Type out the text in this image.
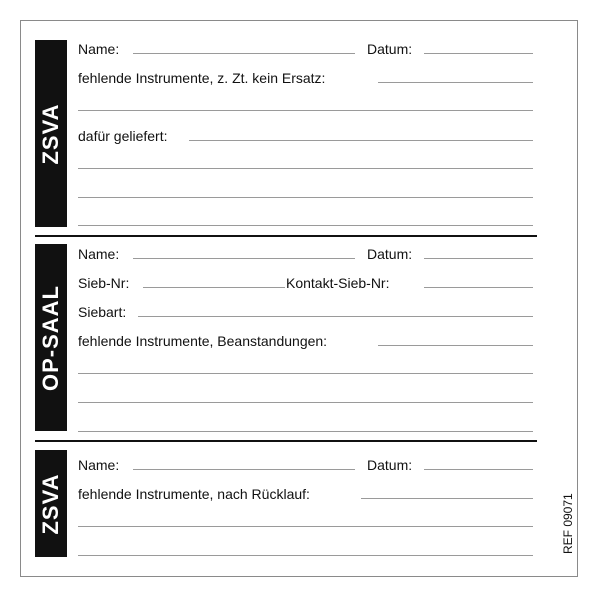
ZSVA
Name:	Datum:
fehlende Instrumente, z. Zt. kein Ersatz:
dafür geliefert:
OP-SAAL
Name:	Datum:
Sieb-Nr:	Kontakt-Sieb-Nr:
Siebart:
fehlende Instrumente, Beanstandungen:
ZSVA
Name:	Datum:
fehlende Instrumente, nach Rücklauf:	REF 09071
